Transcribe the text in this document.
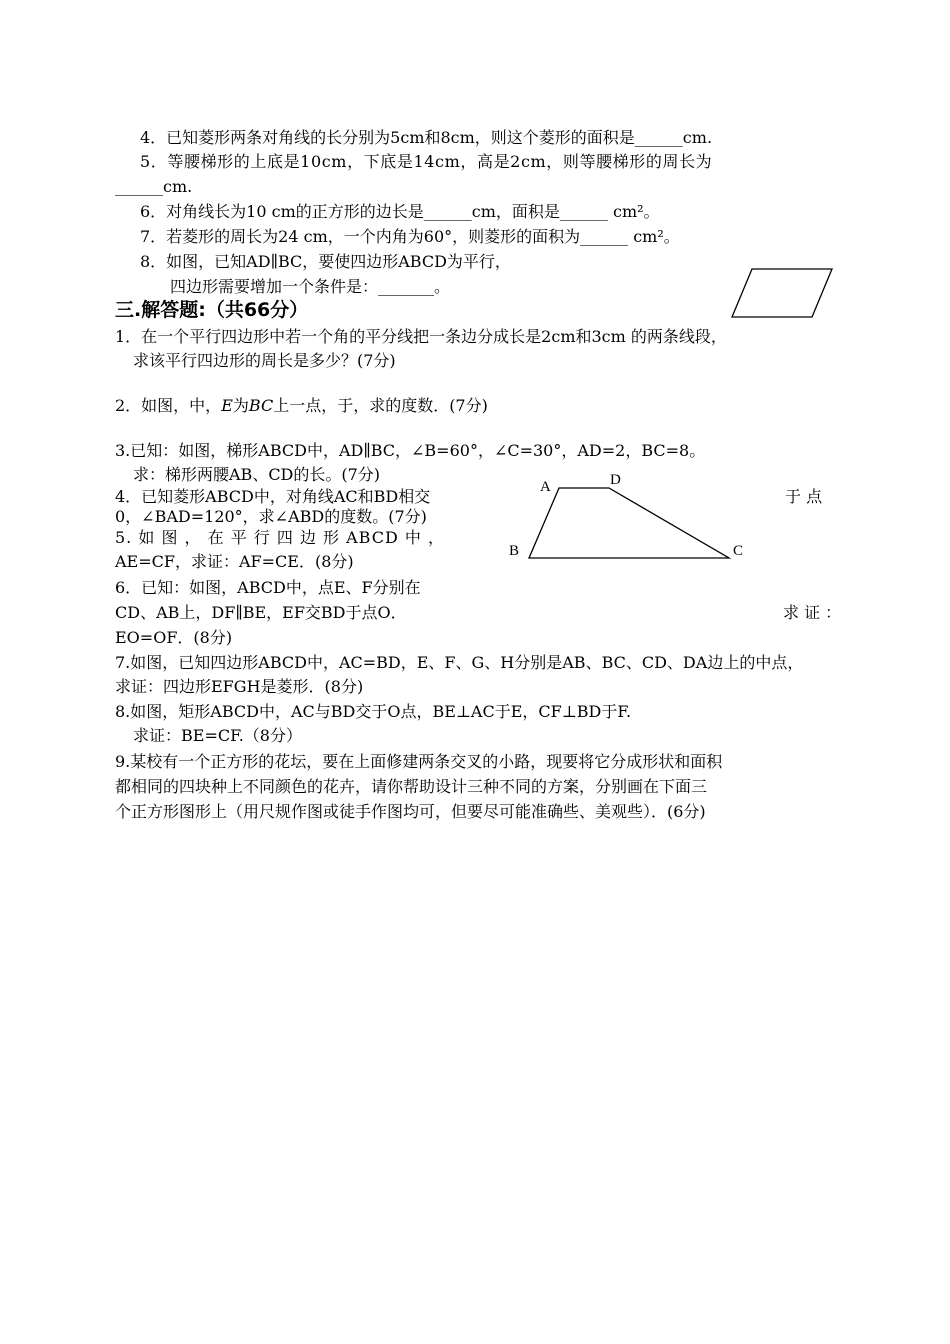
4．已知菱形两条对角线的长分别为5cm和8cm，则这个菱形的面积是______cm.
5．等腰梯形的上底是10cm，下底是14cm，高是2cm，则等腰梯形的周长为
______cm.
6．对角线长为10 cm的正方形的边长是______cm，面积是______ cm²。
7．若菱形的周长为24 cm，一个内角为60°，则菱形的面积为______ cm²。
8．如图，已知AD∥BC，要使四边形ABCD为平行，
四边形需要增加一个条件是：_______。
三.解答题:（共66分）
1．在一个平行四边形中若一个角的平分线把一条边分成长是2cm和3cm 的两条线段，
求该平行四边形的周长是多少？(7分)
2．如图，中，E为BC上一点，于，求的度数．(7分)
3.已知：如图，梯形ABCD中，AD∥BC，∠B=60°，∠C=30°，AD=2，BC=8。
求：梯形两腰AB、CD的长。(7分)
A	D
B	C
4．已知菱形ABCD中，对角线AC和BD相交	于 点
0，∠BAD=120°，求∠ABD的度数。(7分)
5. 如 图 ， 在 平 行 四 边 形 ABCD 中 ，
AE=CF，求证：AF=CE．(8分)
6．已知：如图，ABCD中，点E、F分别在
CD、AB上，DF∥BE，EF交BD于点O．	求 证 ：
EO=OF．(8分)
7.如图，已知四边形ABCD中，AC=BD，E、F、G、H分别是AB、BC、CD、DA边上的中点，
求证：四边形EFGH是菱形．(8分)
8.如图，矩形ABCD中，AC与BD交于O点，BE⊥AC于E，CF⊥BD于F.
求证：BE=CF.（8分）
9.某校有一个正方形的花坛，要在上面修建两条交叉的小路，现要将它分成形状和面积
都相同的四块种上不同颜色的花卉，请你帮助设计三种不同的方案，分别画在下面三
个正方形图形上（用尺规作图或徒手作图均可，但要尽可能准确些、美观些）．(6分)
